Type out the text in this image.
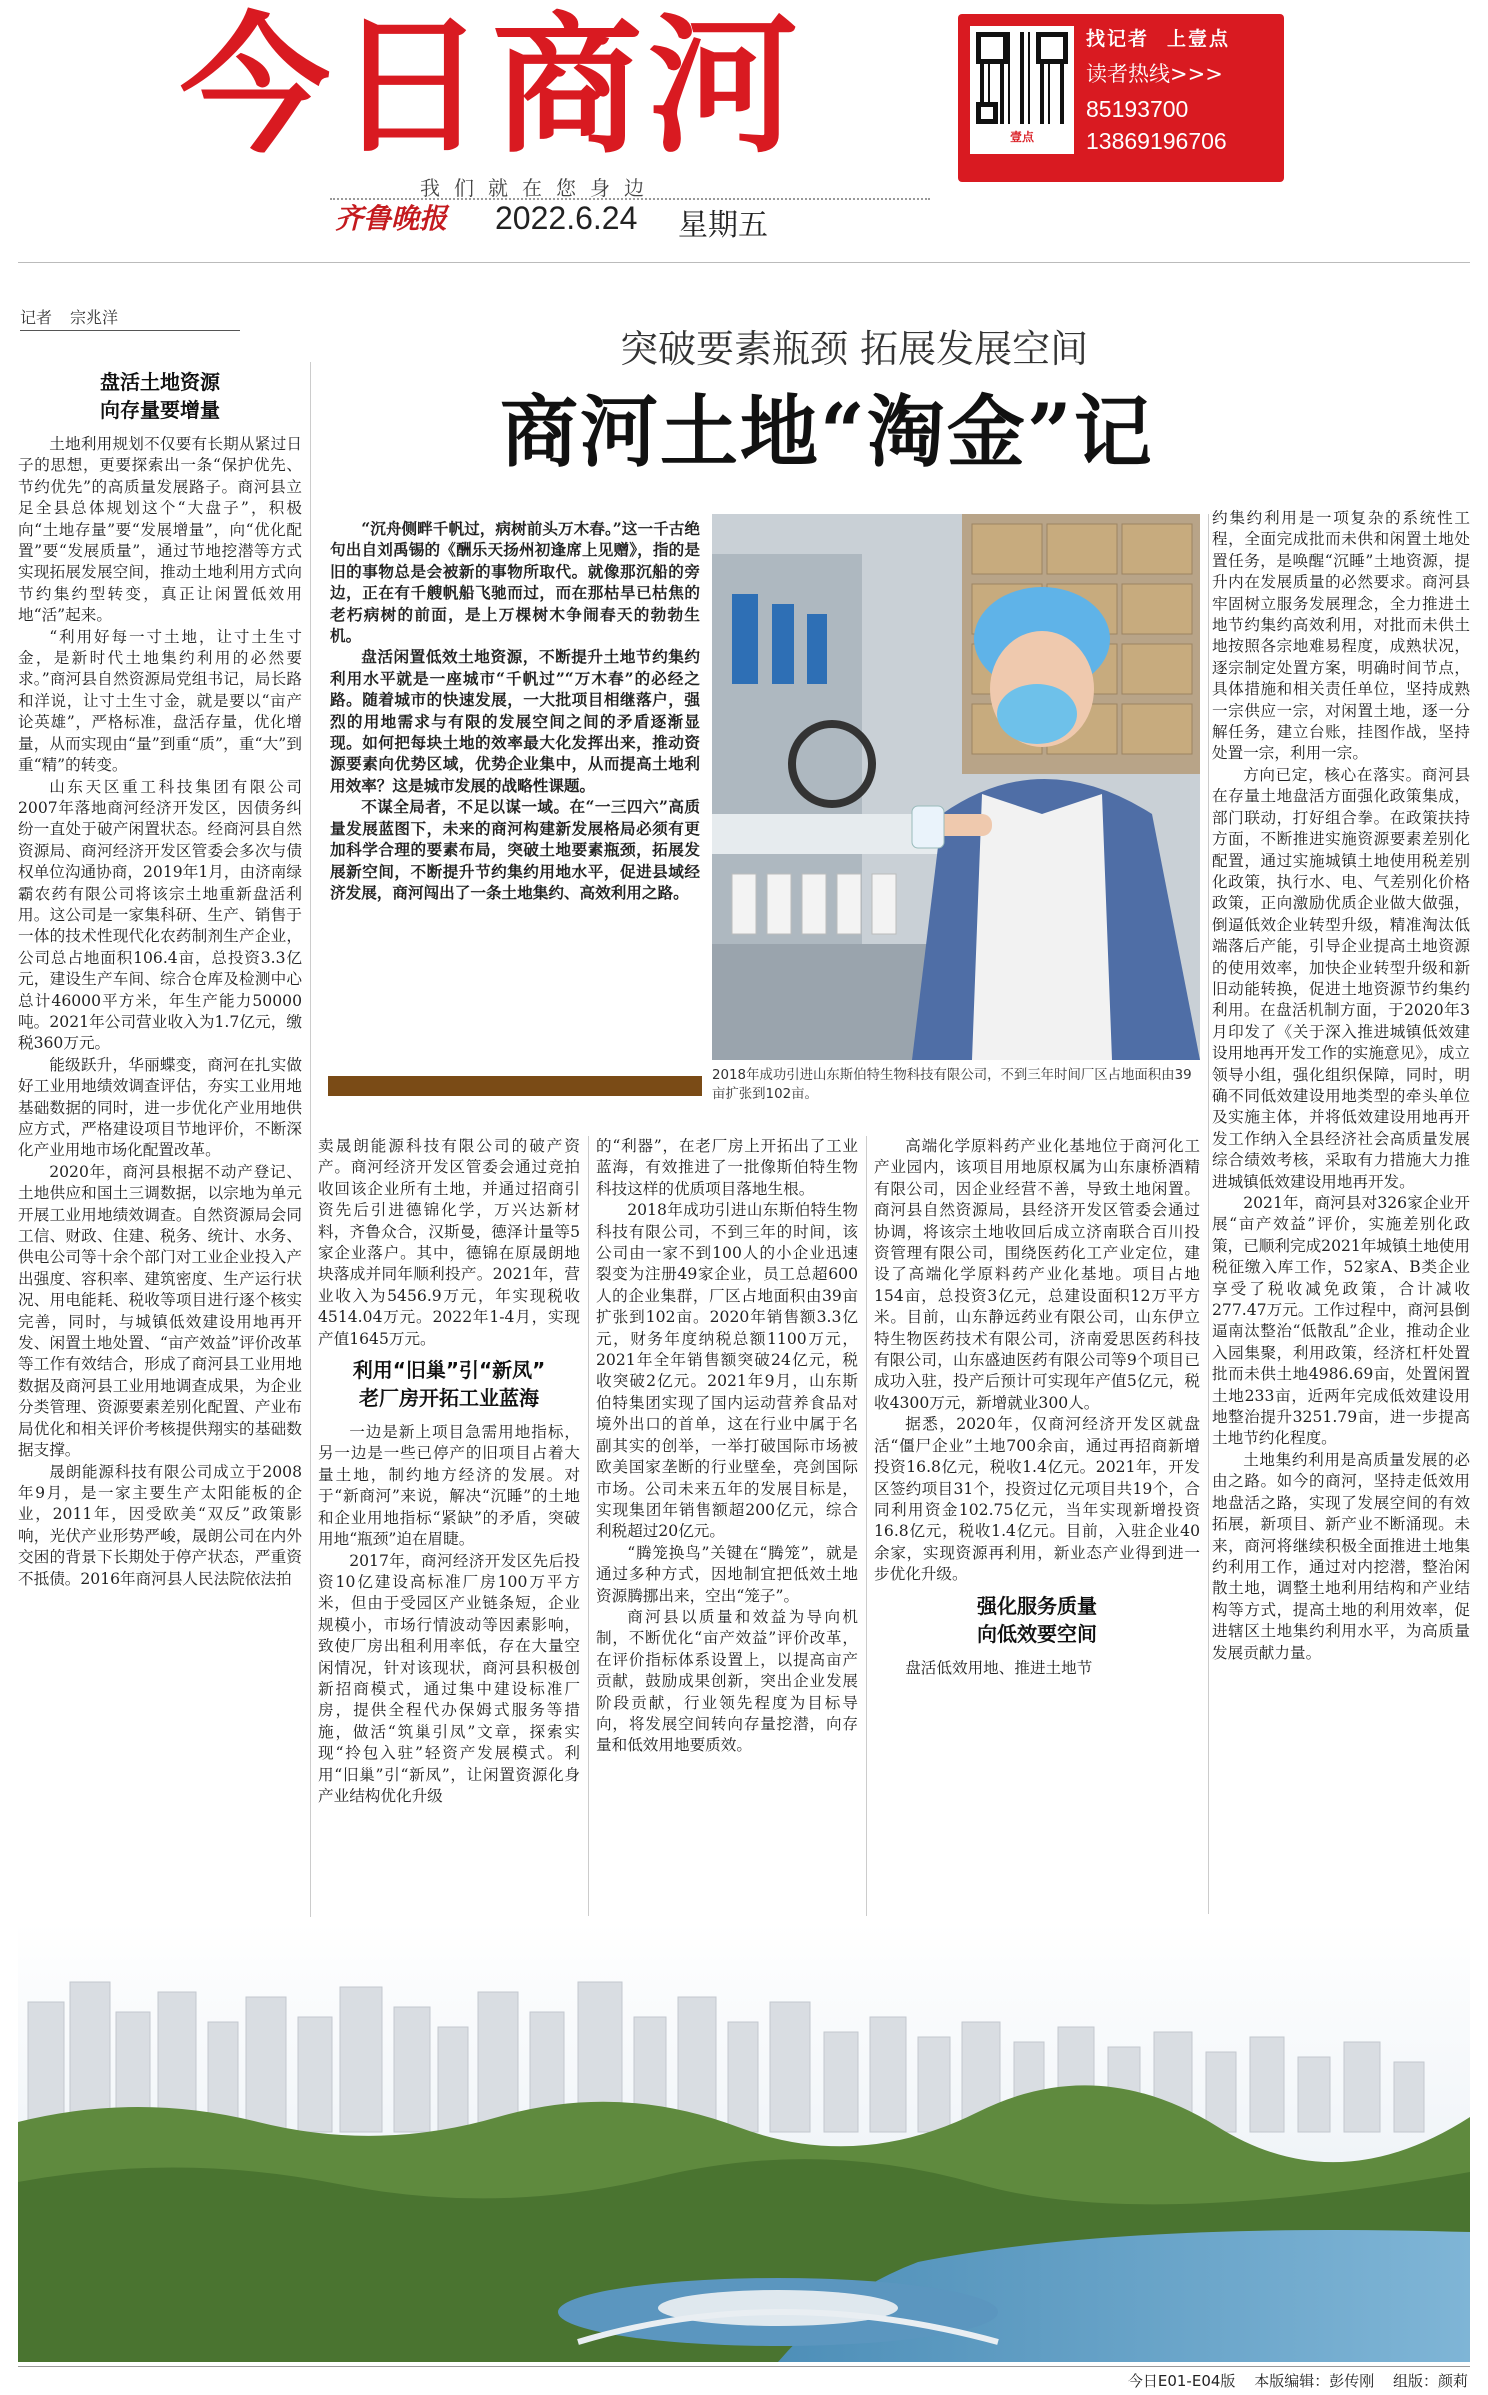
今日商河
我们就在您身边
齐鲁晚报	2022.6.24 星期五
壹点
找记者 上壹点
读者热线>>>
85193700
13869196706
记者 宗兆洋
突破要素瓶颈 拓展发展空间
商河土地“淘金”记
盘活土地资源
向存量要增量

土地利用规划不仅要有长期从紧过日子的思想，更要探索出一条“保护优先、节约优先”的高质量发展路子。商河县立足全县总体规划这个“大盘子”，积极向“土地存量”要“发展增量”，向“优化配置”要“发展质量”，通过节地挖潜等方式实现拓展发展空间，推动土地利用方式向节约集约型转变，真正让闲置低效用地“活”起来。

“利用好每一寸土地，让寸土生寸金，是新时代土地集约利用的必然要求。”商河县自然资源局党组书记，局长路和洋说，让寸土生寸金，就是要以“亩产论英雄”，严格标准，盘活存量，优化增量，从而实现由“量”到重“质”，重“大”到重“精”的转变。

山东天区重工科技集团有限公司2007年落地商河经济开发区，因债务纠纷一直处于破产闲置状态。经商河县自然资源局、商河经济开发区管委会多次与债权单位沟通协商，2019年1月，由济南绿霸农药有限公司将该宗土地重新盘活利用。这公司是一家集科研、生产、销售于一体的技术性现代化农药制剂生产企业，公司总占地面积106.4亩，总投资3.3亿元，建设生产车间、综合仓库及检测中心总计46000平方米，年生产能力50000吨。2021年公司营业收入为1.7亿元，缴税360万元。

能级跃升，华丽蝶变，商河在扎实做好工业用地绩效调查评估，夯实工业用地基础数据的同时，进一步优化产业用地供应方式，严格建设项目节地评价，不断深化产业用地市场化配置改革。

2020年，商河县根据不动产登记、土地供应和国土三调数据，以宗地为单元开展工业用地绩效调查。自然资源局会同工信、财政、住建、税务、统计、水务、供电公司等十余个部门对工业企业投入产出强度、容积率、建筑密度、生产运行状况、用电能耗、税收等项目进行逐个核实完善，同时，与城镇低效建设用地再开发、闲置土地处置、“亩产效益”评价改革等工作有效结合，形成了商河县工业用地数据及商河县工业用地调查成果，为企业分类管理、资源要素差别化配置、产业布局优化和相关评价考核提供翔实的基础数据支撑。

晟朗能源科技有限公司成立于2008年9月，是一家主要生产太阳能板的企业，2011年，因受欧美“双反”政策影响，光伏产业形势严峻，晟朗公司在内外交困的背景下长期处于停产状态，严重资不抵债。2016年商河县人民法院依法拍

“沉舟侧畔千帆过，病树前头万木春。”这一千古绝句出自刘禹锡的《酬乐天扬州初逢席上见赠》，指的是旧的事物总是会被新的事物所取代。就像那沉船的旁边，正在有千艘帆船飞驰而过，而在那枯旱已枯焦的老朽病树的前面，是上万棵树木争闹春天的勃勃生机。

盘活闲置低效土地资源，不断提升土地节约集约利用水平就是一座城市“千帆过”“万木春”的必经之路。随着城市的快速发展，一大批项目相继落户，强烈的用地需求与有限的发展空间之间的矛盾逐渐显现。如何把每块土地的效率最大化发挥出来，推动资源要素向优势区域，优势企业集中，从而提高土地利用效率？这是城市发展的战略性课题。

不谋全局者，不足以谋一域。在“一三四六”高质量发展蓝图下，未来的商河构建新发展格局必须有更加科学合理的要素布局，突破土地要素瓶颈，拓展发展新空间，不断提升节约集约用地水平，促进县域经济发展，商河闯出了一条土地集约、高效利用之路。

2018年成功引进山东斯伯特生物科技有限公司，不到三年时间厂区占地面积由39亩扩张到102亩。

约集约利用是一项复杂的系统性工程，全面完成批而未供和闲置土地处置任务，是唤醒“沉睡”土地资源，提升内在发展质量的必然要求。商河县牢固树立服务发展理念，全力推进土地节约集约高效利用，对批而未供土地按照各宗地难易程度，成熟状况，逐宗制定处置方案，明确时间节点，具体措施和相关责任单位，坚持成熟一宗供应一宗，对闲置土地，逐一分解任务，建立台账，挂图作战，坚持处置一宗，利用一宗。

方向已定，核心在落实。商河县在存量土地盘活方面强化政策集成，部门联动，打好组合拳。在政策扶持方面，不断推进实施资源要素差别化配置，通过实施城镇土地使用税差别化政策，执行水、电、气差别化价格政策，正向激励优质企业做大做强，倒逼低效企业转型升级，精准淘汰低端落后产能，引导企业提高土地资源的使用效率，加快企业转型升级和新旧动能转换，促进土地资源节约集约利用。在盘活机制方面，于2020年3月印发了《关于深入推进城镇低效建设用地再开发工作的实施意见》，成立领导小组，强化组织保障，同时，明确不同低效建设用地类型的牵头单位及实施主体，并将低效建设用地再开发工作纳入全县经济社会高质量发展综合绩效考核，采取有力措施大力推进城镇低效建设用地再开发。

2021年，商河县对326家企业开展“亩产效益”评价，实施差别化政策，已顺利完成2021年城镇土地使用税征缴入库工作，52家A、B类企业享受了税收减免政策，合计减收277.47万元。工作过程中，商河县倒逼南汰整治“低散乱”企业，推动企业入园集聚，利用政策，经济杠杆处置批而未供土地4986.69亩，处置闲置土地233亩，近两年完成低效建设用地整治提升3251.79亩，进一步提高土地节约化程度。

土地集约利用是高质量发展的必由之路。如今的商河，坚持走低效用地盘活之路，实现了发展空间的有效拓展，新项目、新产业不断涌现。未来，商河将继续积极全面推进土地集约利用工作，通过对内挖潜，整治闲散土地，调整土地利用结构和产业结构等方式，提高土地的利用效率，促进辖区土地集约利用水平，为高质量发展贡献力量。

卖晟朗能源科技有限公司的破产资产。商河经济开发区管委会通过竞拍收回该企业所有土地，并通过招商引资先后引进德锦化学，万兴达新材料，齐鲁众合，汉斯曼，德泽计量等5家企业落户。其中，德锦在原晟朗地块落成并同年顺利投产。2021年，营业收入为5456.9万元，年实现税收4514.04万元。2022年1-4月，实现产值1645万元。

利用“旧巢”引“新凤”
老厂房开拓工业蓝海

一边是新上项目急需用地指标，另一边是一些已停产的旧项目占着大量土地，制约地方经济的发展。对于“新商河”来说，解决“沉睡”的土地和企业用地指标“紧缺”的矛盾，突破用地“瓶颈”迫在眉睫。

2017年，商河经济开发区先后投资10亿建设高标准厂房100万平方米，但由于受园区产业链条短，企业规模小，市场行情波动等因素影响，致使厂房出租利用率低，存在大量空闲情况，针对该现状，商河县积极创新招商模式，通过集中建设标准厂房，提供全程代办保姆式服务等措施，做活“筑巢引凤”文章，探索实现“拎包入驻”轻资产发展模式。利用“旧巢”引“新凤”，让闲置资源化身产业结构优化升级

的“利器”，在老厂房上开拓出了工业蓝海，有效推进了一批像斯伯特生物科技这样的优质项目落地生根。

2018年成功引进山东斯伯特生物科技有限公司，不到三年的时间，该公司由一家不到100人的小企业迅速裂变为注册49家企业，员工总超600人的企业集群，厂区占地面积由39亩扩张到102亩。2020年销售额3.3亿元，财务年度纳税总额1100万元，2021年全年销售额突破24亿元，税收突破2亿元。2021年9月，山东斯伯特集团实现了国内运动营养食品对境外出口的首单，这在行业中属于名副其实的创举，一举打破国际市场被欧美国家垄断的行业壁垒，亮剑国际市场。公司未来五年的发展目标是，实现集团年销售额超200亿元，综合利税超过20亿元。

“腾笼换鸟”关键在“腾笼”，就是通过多种方式，因地制宜把低效土地资源腾挪出来，空出“笼子”。

商河县以质量和效益为导向机制，不断优化“亩产效益”评价改革，在评价指标体系设置上，以提高亩产贡献，鼓励成果创新，突出企业发展阶段贡献，行业领先程度为目标导向，将发展空间转向存量挖潜，向存量和低效用地要质效。

高端化学原料药产业化基地位于商河化工产业园内，该项目用地原权属为山东康桥酒精有限公司，因企业经营不善，导致土地闲置。商河县自然资源局，县经济开发区管委会通过协调，将该宗土地收回后成立济南联合百川投资管理有限公司，围绕医药化工产业定位，建设了高端化学原料药产业化基地。项目占地154亩，总投资3亿元，总建设面积12万平方米。目前，山东静远药业有限公司，山东伊立特生物医药技术有限公司，济南爱思医药科技有限公司，山东盛迪医药有限公司等9个项目已成功入驻，投产后预计可实现年产值5亿元，税收4300万元，新增就业300人。

据悉，2020年，仅商河经济开发区就盘活“僵尸企业”土地700余亩，通过再招商新增投资16.8亿元，税收1.4亿元。2021年，开发区签约项目31个，投资过亿元项目共19个，合同利用资金102.75亿元，当年实现新增投资16.8亿元，税收1.4亿元。目前，入驻企业40余家，实现资源再利用，新业态产业得到进一步优化升级。

强化服务质量
向低效要空间

盘活低效用地、推进土地节

今日E01-E04版 本版编辑：彭传刚 组版：颜莉
